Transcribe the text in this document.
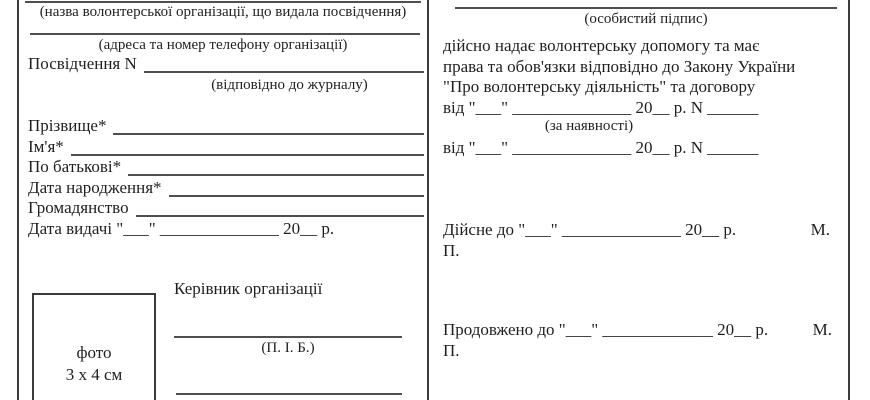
(назва волонтерської організації, що видала посвідчення)
(адреса та номер телефону організації)
Посвідчення N
(відповідно до журналу)
Прізвище*
Ім'я*
По батькові*
Дата народження*
Громадянство
Дата видачі "___" ______________ 20__ р.
Керівник організації
фото
3 х 4 см
(П. І. Б.)
(особистий підпис)
дійсно надає волонтерську допомогу та має
права та обов'язки відповідно до Закону України
"Про волонтерську діяльність" та договору
від "___" ______________ 20__ р. N ______
(за наявності)
від "___" ______________ 20__ р. N ______
Дійсне до "___" ______________ 20__ р.	М.
П.
Продовжено до "___" _____________ 20__ р.	М.
П.
